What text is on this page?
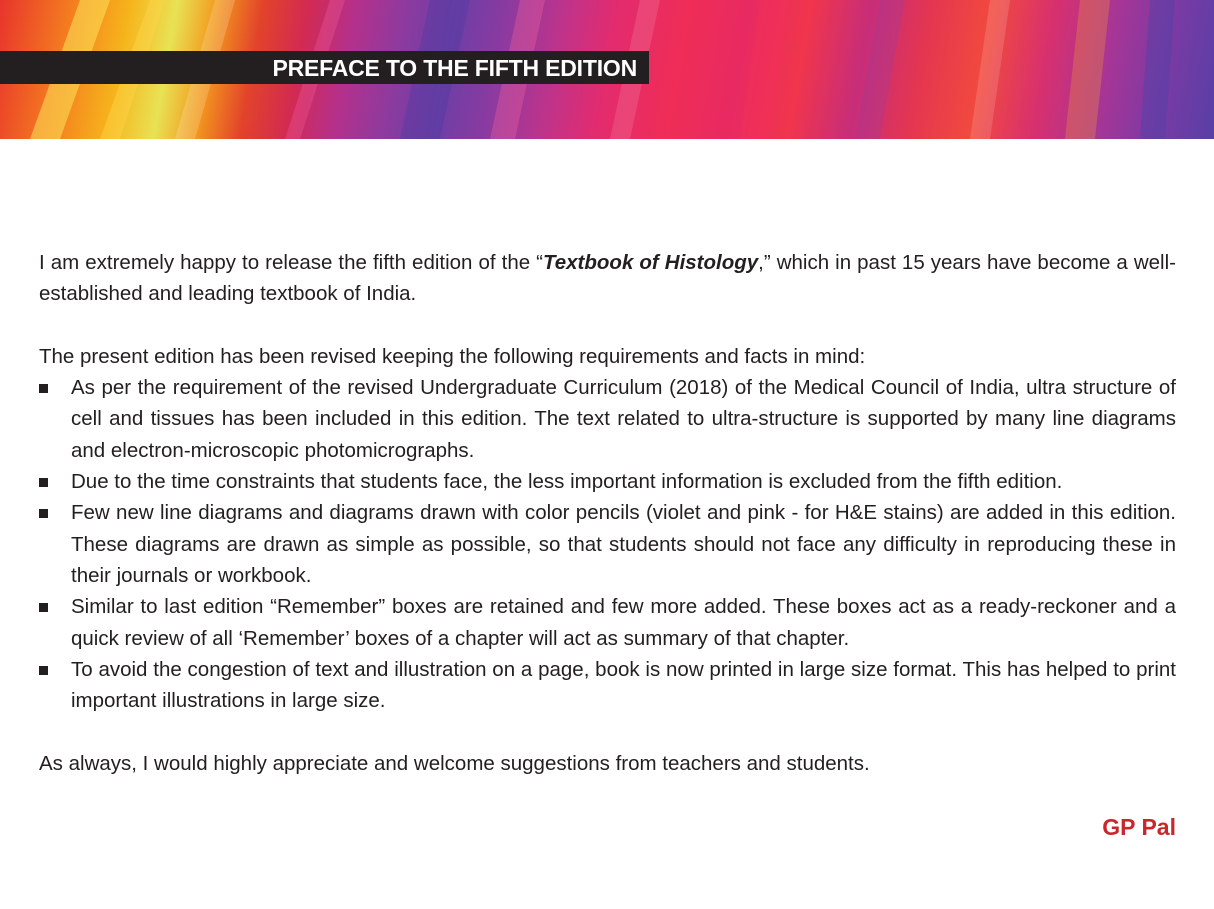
PREFACE TO THE FIFTH EDITION

I am extremely happy to release the fifth edition of the “Textbook of Histology,” which in past 15 years have become a well-established and leading textbook of India.

The present edition has been revised keeping the following requirements and facts in mind:

As per the requirement of the revised Undergraduate Curriculum (2018) of the Medical Council of India, ultra structure of cell and tissues has been included in this edition. The text related to ultra-structure is supported by many line diagrams and electron-microscopic photomicrographs.
Due to the time constraints that students face, the less important information is excluded from the fifth edition.
Few new line diagrams and diagrams drawn with color pencils (violet and pink - for H&E stains) are added in this edition. These diagrams are drawn as simple as possible, so that students should not face any difficulty in reproducing these in their journals or workbook.
Similar to last edition “Remember” boxes are retained and few more added. These boxes act as a ready-reckoner and a quick review of all ‘Remember’ boxes of a chapter will act as summary of that chapter.
To avoid the congestion of text and illustration on a page, book is now printed in large size format. This has helped to print important illustrations in large size.

As always, I would highly appreciate and welcome suggestions from teachers and students.

GP Pal
